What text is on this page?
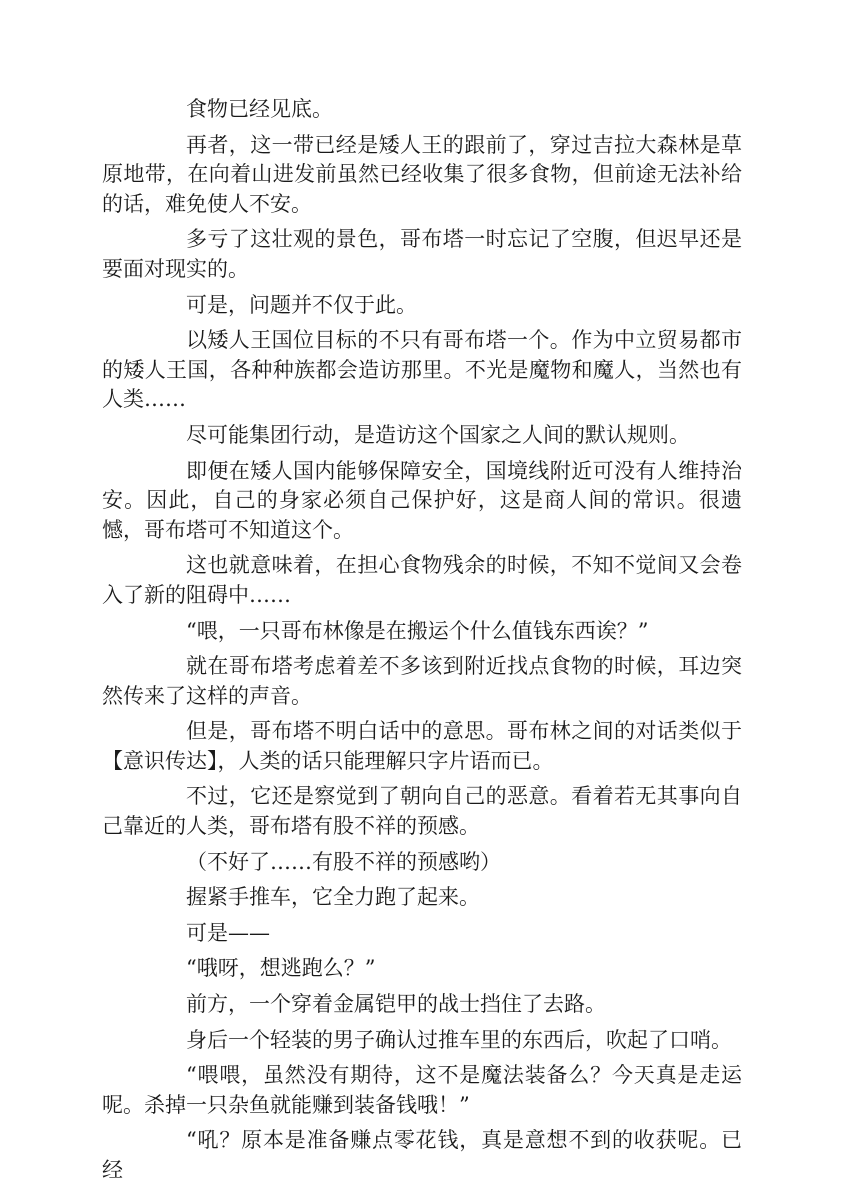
食物已经见底。

再者，这一带已经是矮人王的跟前了，穿过吉拉大森林是草原地带，在向着山进发前虽然已经收集了很多食物，但前途无法补给的话，难免使人不安。

多亏了这壮观的景色，哥布塔一时忘记了空腹，但迟早还是要面对现实的。

可是，问题并不仅于此。

以矮人王国位目标的不只有哥布塔一个。作为中立贸易都市的矮人王国，各种种族都会造访那里。不光是魔物和魔人，当然也有人类……

尽可能集团行动，是造访这个国家之人间的默认规则。

即便在矮人国内能够保障安全，国境线附近可没有人维持治安。因此，自己的身家必须自己保护好，这是商人间的常识。很遗憾，哥布塔可不知道这个。

这也就意味着，在担心食物残余的时候，不知不觉间又会卷入了新的阻碍中……

“喂，一只哥布林像是在搬运个什么值钱东西诶？”

就在哥布塔考虑着差不多该到附近找点食物的时候，耳边突然传来了这样的声音。

但是，哥布塔不明白话中的意思。哥布林之间的对话类似于【意识传达】，人类的话只能理解只字片语而已。

不过，它还是察觉到了朝向自己的恶意。看着若无其事向自己靠近的人类，哥布塔有股不祥的预感。

（不好了……有股不祥的预感哟）

握紧手推车，它全力跑了起来。

可是——

“哦呀，想逃跑么？”

前方，一个穿着金属铠甲的战士挡住了去路。

身后一个轻装的男子确认过推车里的东西后，吹起了口哨。

“喂喂，虽然没有期待，这不是魔法装备么？今天真是走运呢。杀掉一只杂鱼就能赚到装备钱哦！”

“吼？原本是准备赚点零花钱，真是意想不到的收获呢。已经
